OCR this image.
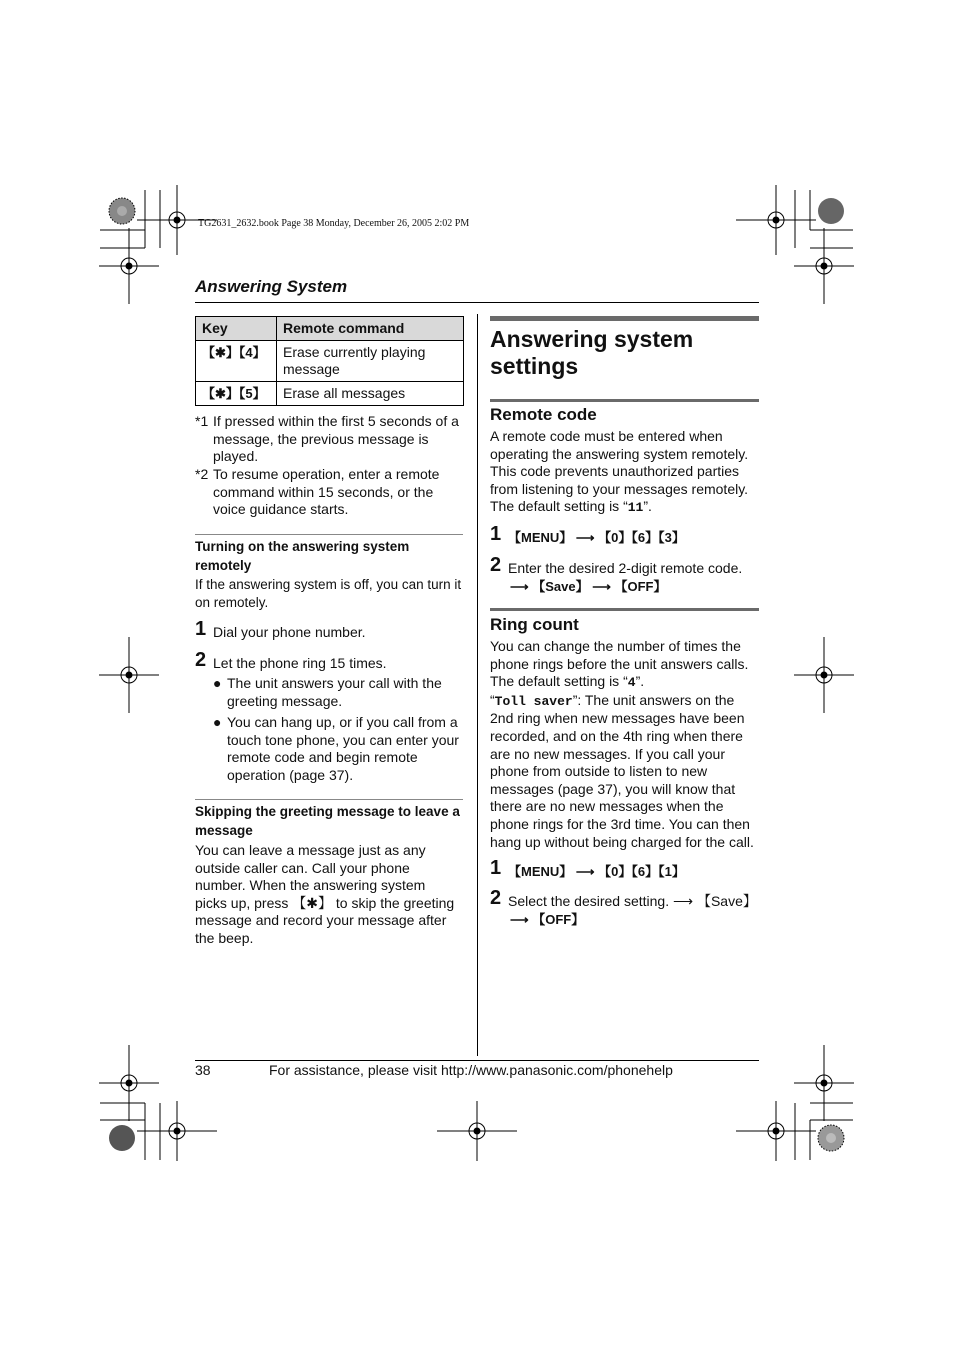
TG2631_2632.book Page 38 Monday, December 26, 2005 2:02 PM
Answering System
Key	Remote command
【✱】【4】	Erase currently playing message
【✱】【5】	Erase all messages
*1 If pressed within the first 5 seconds of a message, the previous message is played.
*2 To resume operation, enter a remote command within 15 seconds, or the voice guidance starts.
Turning on the answering system remotely
If the answering system is off, you can turn it on remotely.
1 Dial your phone number.
2 Let the phone ring 15 times.
● The unit answers your call with the greeting message.
● You can hang up, or if you call from a touch tone phone, you can enter your remote code and begin remote operation (page 37).
Skipping the greeting message to leave a message
You can leave a message just as any outside caller can. Call your phone number. When the answering system picks up, press 【✱】 to skip the greeting message and record your message after the beep.
Answering system settings
Remote code
A remote code must be entered when operating the answering system remotely. This code prevents unauthorized parties from listening to your messages remotely. The default setting is “11”.
1 【MENU】 ⟶ 【0】【6】【3】
2 Enter the desired 2-digit remote code.
⟶ 【Save】 ⟶ 【OFF】
Ring count
You can change the number of times the phone rings before the unit answers calls. The default setting is “4”.
“Toll saver”: The unit answers on the 2nd ring when new messages have been recorded, and on the 4th ring when there are no new messages. If you call your phone from outside to listen to new messages (page 37), you will know that there are no new messages when the phone rings for the 3rd time. You can then hang up without being charged for the call.
1 【MENU】 ⟶ 【0】【6】【1】
2 Select the desired setting. ⟶ 【Save】
⟶ 【OFF】
38	For assistance, please visit http://www.panasonic.com/phonehelp
